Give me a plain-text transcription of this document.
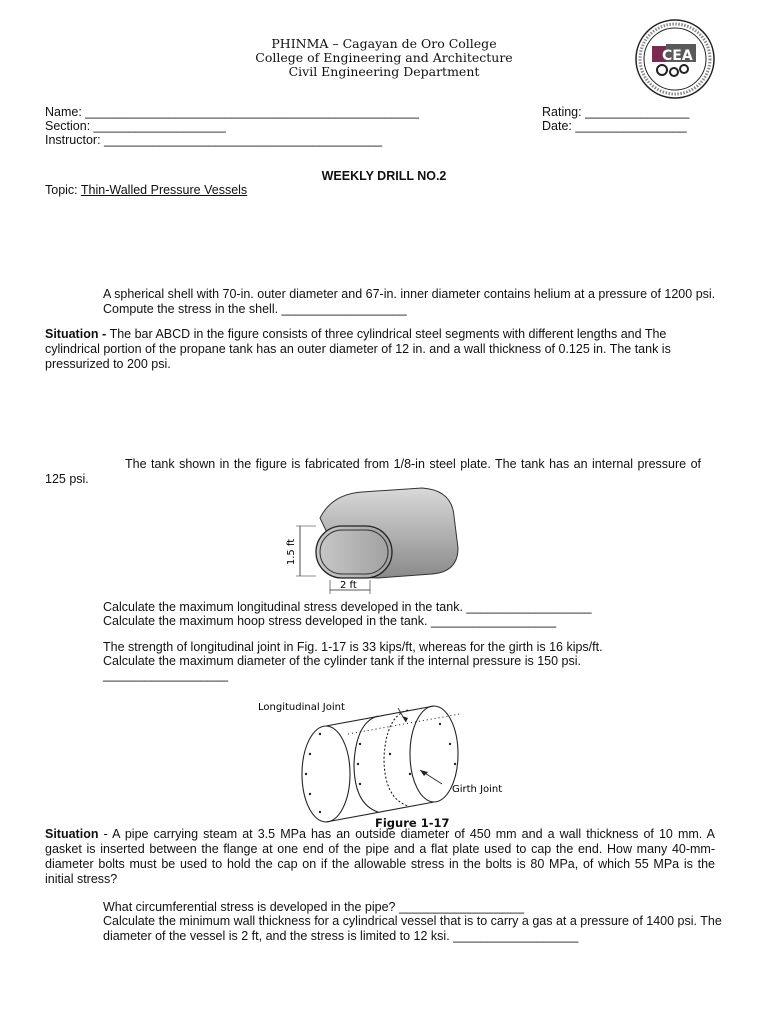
PHINMA – Cagayan de Oro College
College of Engineering and Architecture
Civil Engineering Department
CEA
Name: ________________________________________________
Section: ___________________
Instructor: ________________________________________
Rating: _______________
Date: ________________
WEEKLY DRILL NO.2
Topic: Thin-Walled Pressure Vessels

A spherical shell with 70-in. outer diameter and 67-in. inner diameter contains helium at a pressure of 1200 psi. Compute the stress in the shell. __________________

Situation - The bar ABCD in the figure consists of three cylindrical steel segments with different lengths and The cylindrical portion of the propane tank has an outer diameter of 12 in. and a wall thickness of 0.125 in. The tank is pressurized to 200 psi.

The tank shown in the figure is fabricated from 1/8-in steel plate. The tank has an internal pressure of 125 psi.

1.5 ft
2 ft
Calculate the maximum longitudinal stress developed in the tank. __________________
Calculate the maximum hoop stress developed in the tank. __________________
The strength of longitudinal joint in Fig. 1-17 is 33 kips/ft, whereas for the girth is 16 kips/ft.
Calculate the maximum diameter of the cylinder tank if the internal pressure is 150 psi.
__________________
Longitudinal Joint
Girth Joint
Figure 1-17

Situation - A pipe carrying steam at 3.5 MPa has an outside diameter of 450 mm and a wall thickness of 10 mm. A gasket is inserted between the flange at one end of the pipe and a flat plate used to cap the end. How many 40-mm-diameter bolts must be used to hold the cap on if the allowable stress in the bolts is 80 MPa, of which 55 MPa is the initial stress?

What circumferential stress is developed in the pipe? __________________

Calculate the minimum wall thickness for a cylindrical vessel that is to carry a gas at a pressure of 1400 psi. The diameter of the vessel is 2 ft, and the stress is limited to 12 ksi. __________________
